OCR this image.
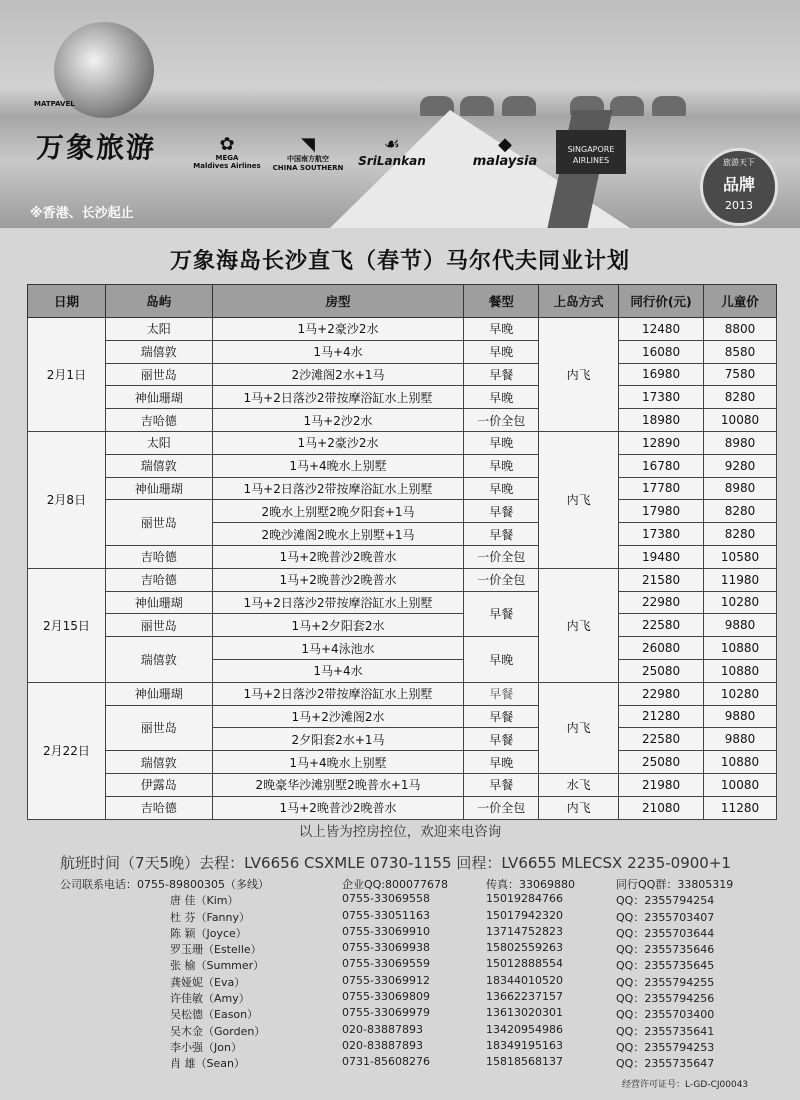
MATPAVEL
万象旅游	✿
MEGA
Maldives Airlines
◥
中国南方航空
CHINA SOUTHERN
☙
SriLankan
◆
malaysia
SINGAPORE AIRLINES	旅游天下
品牌
2013
※香港、长沙起止
万象海岛长沙直飞（春节）马尔代夫同业计划
日期	岛屿	房型	餐型	上岛方式	同行价(元)	儿童价
2月1日	太阳	1马+2豪沙2水	早晚	内飞	12480	8800
	瑞僖敦	1马+4水	早晚		16080	8580
	丽世岛	2沙滩阁2水+1马	早餐		16980	7580
	神仙珊瑚	1马+2日落沙2带按摩浴缸水上别墅	早晚		17380	8280
	吉哈德	1马+2沙2水	一价全包		18980	10080
2月8日	太阳	1马+2豪沙2水	早晚	内飞	12890	8980
	瑞僖敦	1马+4晚水上别墅	早晚		16780	9280
	神仙珊瑚	1马+2日落沙2带按摩浴缸水上别墅	早晚		17780	8980
	丽世岛	2晚水上别墅2晚夕阳套+1马	早餐		17980	8280
		2晚沙滩阁2晚水上别墅+1马	早餐		17380	8280
	吉哈德	1马+2晚普沙2晚普水	一价全包		19480	10580
2月15日	吉哈德	1马+2晚普沙2晚普水	一价全包	内飞	21580	11980
	神仙珊瑚	1马+2日落沙2带按摩浴缸水上别墅	早餐		22980	10280
	丽世岛	1马+2夕阳套2水			22580	9880
	瑞僖敦	1马+4泳池水	早晚		26080	10880
		1马+4水			25080	10880
2月22日	神仙珊瑚	1马+2日落沙2带按摩浴缸水上别墅	早餐	内飞	22980	10280
	丽世岛	1马+2沙滩阁2水	早餐		21280	9880
		2夕阳套2水+1马	早餐		22580	9880
	瑞僖敦	1马+4晚水上别墅	早晚		25080	10880
	伊露岛	2晚豪华沙滩别墅2晚普水+1马	早餐	水飞	21980	10080
	吉哈德	1马+2晚普沙2晚普水	一价全包	内飞	21080	11280
以上皆为控房控位，欢迎来电咨询
航班时间（7天5晚）去程：LV6656 CSXMLE 0730-1155 回程：LV6655 MLECSX 2235-0900+1
公司联系电话：0755-89800305（多线）	企业QQ:800077678	传真：33069880	同行QQ群：33805319
唐 佳（Kim）	0755-33069558	15019284766	QQ：2355794254
杜 芬（Fanny）	0755-33051163	15017942320	QQ：2355703407
陈 颖（Joyce）	0755-33069910	13714752823	QQ：2355703644
罗玉珊（Estelle）	0755-33069938	15802559263	QQ：2355735646
张 榆（Summer）	0755-33069559	15012888554	QQ：2355735645
龚娅妮（Eva）	0755-33069912	18344010520	QQ：2355794255
许佳敏（Amy）	0755-33069809	13662237157	QQ：2355794256
吴松德（Eason）	0755-33069979	13613020301	QQ：2355703400
吴木金（Gorden）	020-83887893	13420954986	QQ：2355735641
李小强（Jon）	020-83887893	18349195163	QQ：2355794253
肖 雄（Sean）	0731-85608276	15818568137	QQ：2355735647
经营许可证号：L-GD-CJ00043
